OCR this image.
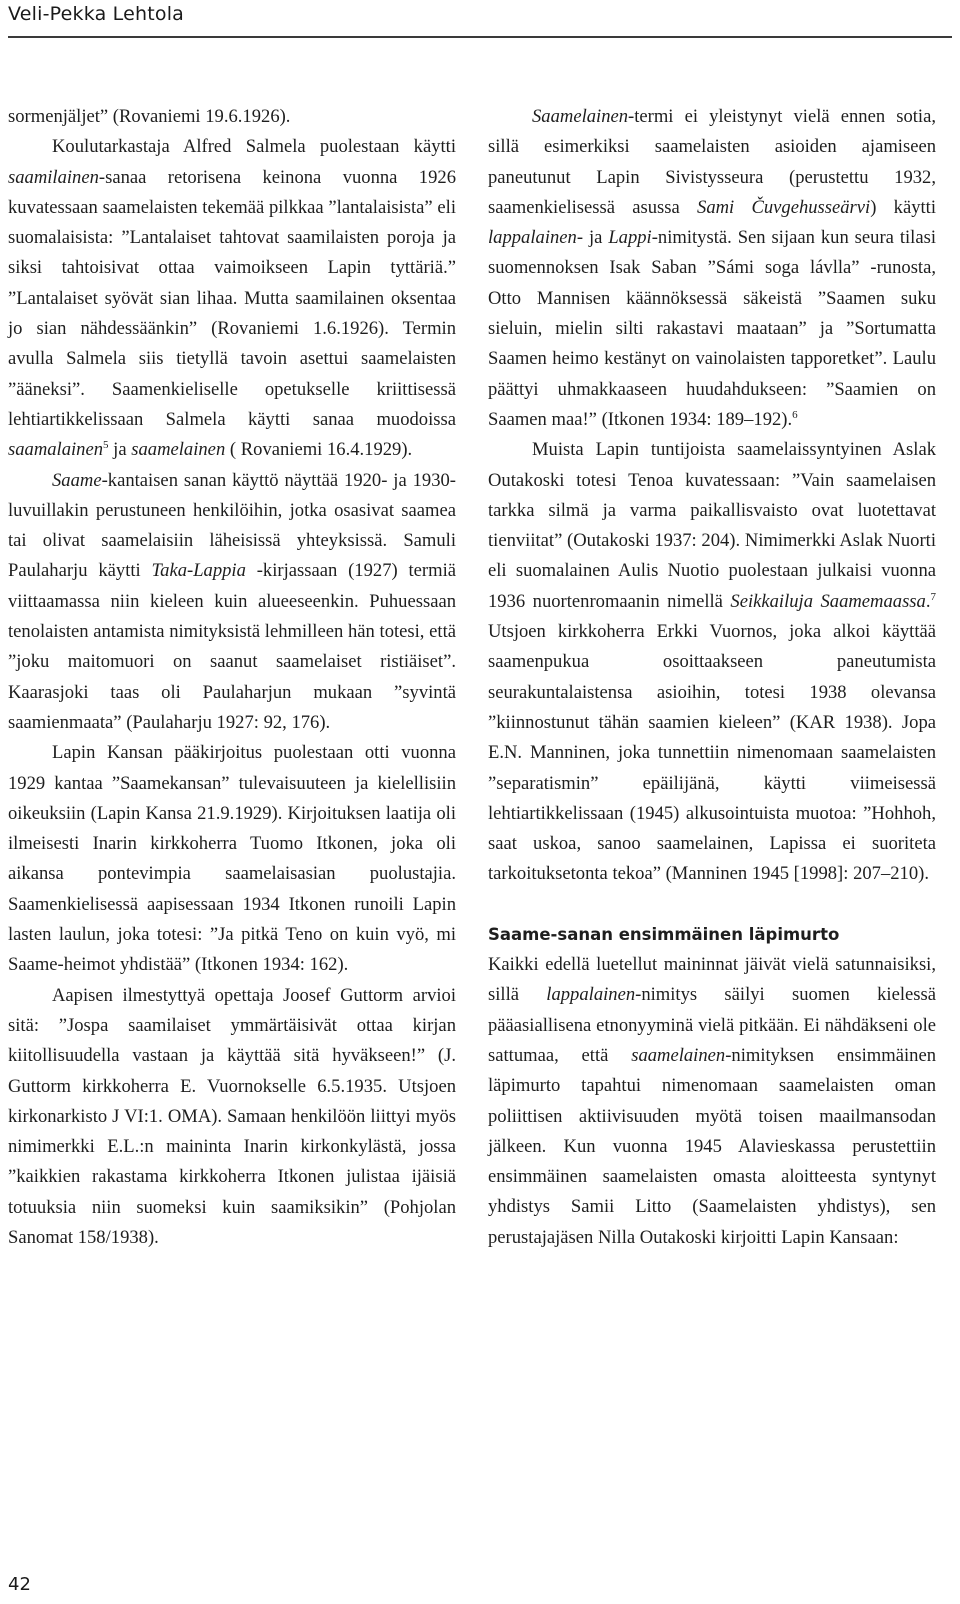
Veli-Pekka Lehtola

sormenjäljet” (Rovaniemi 19.6.1926).

Koulutarkastaja Alfred Salmela puolestaan käytti saamilainen-sanaa retorisena keinona vuonna 1926 kuvatessaan saamelaisten tekemää pilkkaa ”lantalaisista” eli suomalaisista: ”Lantalaiset tahtovat saamilaisten poroja ja siksi tahtoisivat ottaa vaimoikseen Lapin tyttäriä.” ”Lantalaiset syövät sian lihaa. Mutta saamilainen oksentaa jo sian nähdessäänkin” (Rovaniemi 1.6.1926). Termin avulla Salmela siis tietyllä tavoin asettui saamelaisten ”ääneksi”. Saamenkieliselle opetukselle kriittisessä lehtiartikkelissaan Salmela käytti sanaa muodoissa saamalainen$^5$ ja saamelainen ( Rovaniemi 16.4.1929).

Saame-kantaisen sanan käyttö näyttää 1920- ja 1930-luvuillakin perustuneen henkilöihin, jotka osasivat saamea tai olivat saamelaisiin läheisissä yhteyksissä. Samuli Paulaharju käytti Taka-Lappia -kirjassaan (1927) termiä viittaamassa niin kieleen kuin alueeseenkin. Puhuessaan tenolaisten antamista nimityksistä lehmilleen hän totesi, että ”joku maitomuori on saanut saamelaiset ristiäiset”. Kaarasjoki taas oli Paulaharjun mukaan ”syvintä saamienmaata” (Paulaharju 1927: 92, 176).

Lapin Kansan pääkirjoitus puolestaan otti vuonna 1929 kantaa ”Saamekansan” tulevaisuuteen ja kielellisiin oikeuksiin (Lapin Kansa 21.9.1929). Kirjoituksen laatija oli ilmeisesti Inarin kirkkoherra Tuomo Itkonen, joka oli aikansa pontevimpia saamelaisasian puolustajia. Saamenkielisessä aapisessaan 1934 Itkonen runoili Lapin lasten laulun, joka totesi: ”Ja pitkä Teno on kuin vyö, mi Saame-heimot yhdistää” (Itkonen 1934: 162).

Aapisen ilmestyttyä opettaja Joosef Guttorm arvioi sitä: ”Jospa saamilaiset ymmärtäisivät ottaa kirjan kiitollisuudella vastaan ja käyttää sitä hyväkseen!” (J. Guttorm kirkkoherra E. Vuornokselle 6.5.1935. Utsjoen kirkonarkisto J VI:1. OMA). Samaan henkilöön liittyi myös nimimerkki E.L.:n maininta Inarin kirkonkylästä, jossa ”kaikkien rakastama kirkkoherra Itkonen julistaa ijäisiä totuuksia niin suomeksi kuin saamiksikin” (Pohjolan Sanomat 158/1938).

Saamelainen-termi ei yleistynyt vielä ennen sotia, sillä esimerkiksi saamelaisten asioiden ajamiseen paneutunut Lapin Sivistysseura (perustettu 1932, saamenkielisessä asussa Sami Čuvgehusseärvi) käytti lappalainen- ja Lappi-nimitystä. Sen sijaan kun seura tilasi suomennoksen Isak Saban ”Sámi soga lávlla” -runosta, Otto Mannisen käännöksessä säkeistä ”Saamen suku sieluin, mielin silti rakastavi maataan” ja ”Sortumatta Saamen heimo kestänyt on vainolaisten tapporetket”. Laulu päättyi uhmakkaaseen huudahdukseen: ”Saamien on Saamen maa!” (Itkonen 1934: 189–192).$^6$

Muista Lapin tuntijoista saamelaissyntyinen Aslak Outakoski totesi Tenoa kuvatessaan: ”Vain saamelaisen tarkka silmä ja varma paikallisvaisto ovat luotettavat tienviitat” (Outakoski 1937: 204). Nimimerkki Aslak Nuorti eli suomalainen Aulis Nuotio puolestaan julkaisi vuonna 1936 nuortenromaanin nimellä Seikkailuja Saamemaassa.$^7$ Utsjoen kirkkoherra Erkki Vuornos, joka alkoi käyttää saamenpukua osoittaakseen paneutumista seurakuntalaistensa asioihin, totesi 1938 olevansa ”kiinnostunut tähän saamien kieleen” (KAR 1938). Jopa E.N. Manninen, joka tunnettiin nimenomaan saamelaisten ”separatismin” epäilijänä, käytti viimeisessä lehtiartikkelissaan (1945) alkusointuista muotoa: ”Hohhoh, saat uskoa, sanoo saamelainen, Lapissa ei suoriteta tarkoituksetonta tekoa” (Manninen 1945 [1998]: 207–210).

Saame-sanan ensimmäinen läpimurto

Kaikki edellä luetellut maininnat jäivät vielä satunnaisiksi, sillä lappalainen-nimitys säilyi suomen kielessä pääasiallisena etnonyyminä vielä pitkään. Ei nähdäkseni ole sattumaa, että saamelainen-nimityksen ensimmäinen läpimurto tapahtui nimenomaan saamelaisten oman poliittisen aktiivisuuden myötä toisen maailmansodan jälkeen. Kun vuonna 1945 Alavieskassa perustettiin ensimmäinen saamelaisten omasta aloitteesta syntynyt yhdistys Samii Litto (Saamelaisten yhdistys), sen perustajajäsen Nilla Outakoski kirjoitti Lapin Kansaan:

42
